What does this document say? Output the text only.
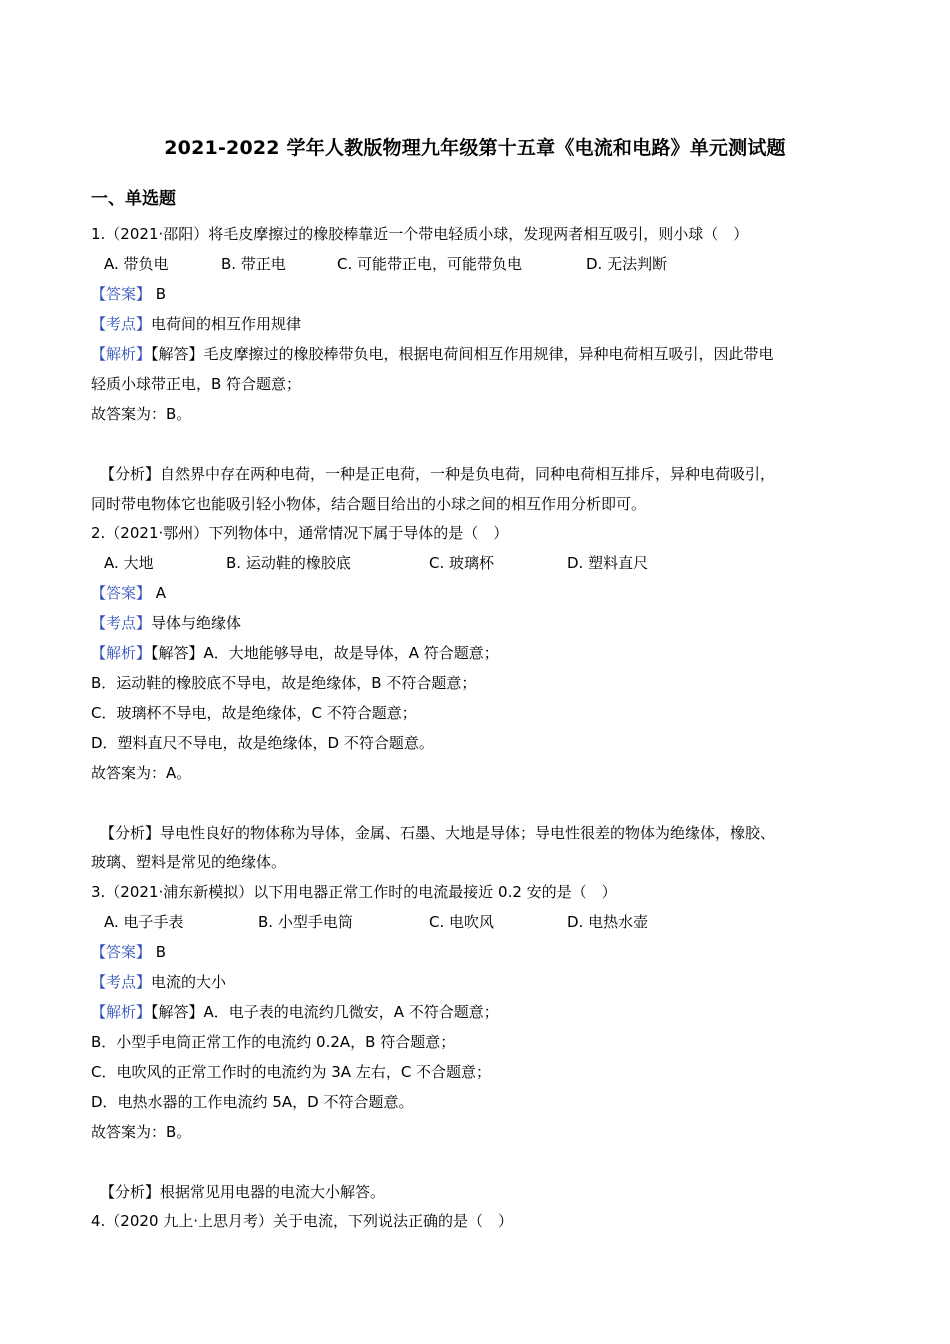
2021-2022 学年人教版物理九年级第十五章《电流和电路》单元测试题
一、单选题
1.（2021·邵阳）将毛皮摩擦过的橡胶棒靠近一个带电轻质小球，发现两者相互吸引，则小球（　）
A. 带负电	B. 带正电	C. 可能带正电，可能带负电	D. 无法判断
【答案】 B
【考点】电荷间的相互作用规律
【解析】【解答】毛皮摩擦过的橡胶棒带负电，根据电荷间相互作用规律，异种电荷相互吸引，因此带电
轻质小球带正电，B 符合题意；
故答案为：B。
【分析】自然界中存在两种电荷，一种是正电荷，一种是负电荷，同种电荷相互排斥，异种电荷吸引，
同时带电物体它也能吸引轻小物体，结合题目给出的小球之间的相互作用分析即可。
2.（2021·鄂州）下列物体中，通常情况下属于导体的是（　）
A. 大地	B. 运动鞋的橡胶底	C. 玻璃杯	D. 塑料直尺
【答案】 A
【考点】导体与绝缘体
【解析】【解答】A．大地能够导电，故是导体，A 符合题意；
B．运动鞋的橡胶底不导电，故是绝缘体，B 不符合题意；
C．玻璃杯不导电，故是绝缘体，C 不符合题意；
D．塑料直尺不导电，故是绝缘体，D 不符合题意。
故答案为：A。
【分析】导电性良好的物体称为导体，金属、石墨、大地是导体；导电性很差的物体为绝缘体，橡胶、
玻璃、塑料是常见的绝缘体。
3.（2021·浦东新模拟）以下用电器正常工作时的电流最接近 0.2 安的是（　）
A. 电子手表	B. 小型手电筒	C. 电吹风	D. 电热水壶
【答案】 B
【考点】电流的大小
【解析】【解答】A．电子表的电流约几微安，A 不符合题意；
B．小型手电筒正常工作的电流约 0.2A，B 符合题意；
C．电吹风的正常工作时的电流约为 3A 左右，C 不合题意；
D．电热水器的工作电流约 5A，D 不符合题意。
故答案为：B。
【分析】根据常见用电器的电流大小解答。
4.（2020 九上·上思月考）关于电流，下列说法正确的是（　）
